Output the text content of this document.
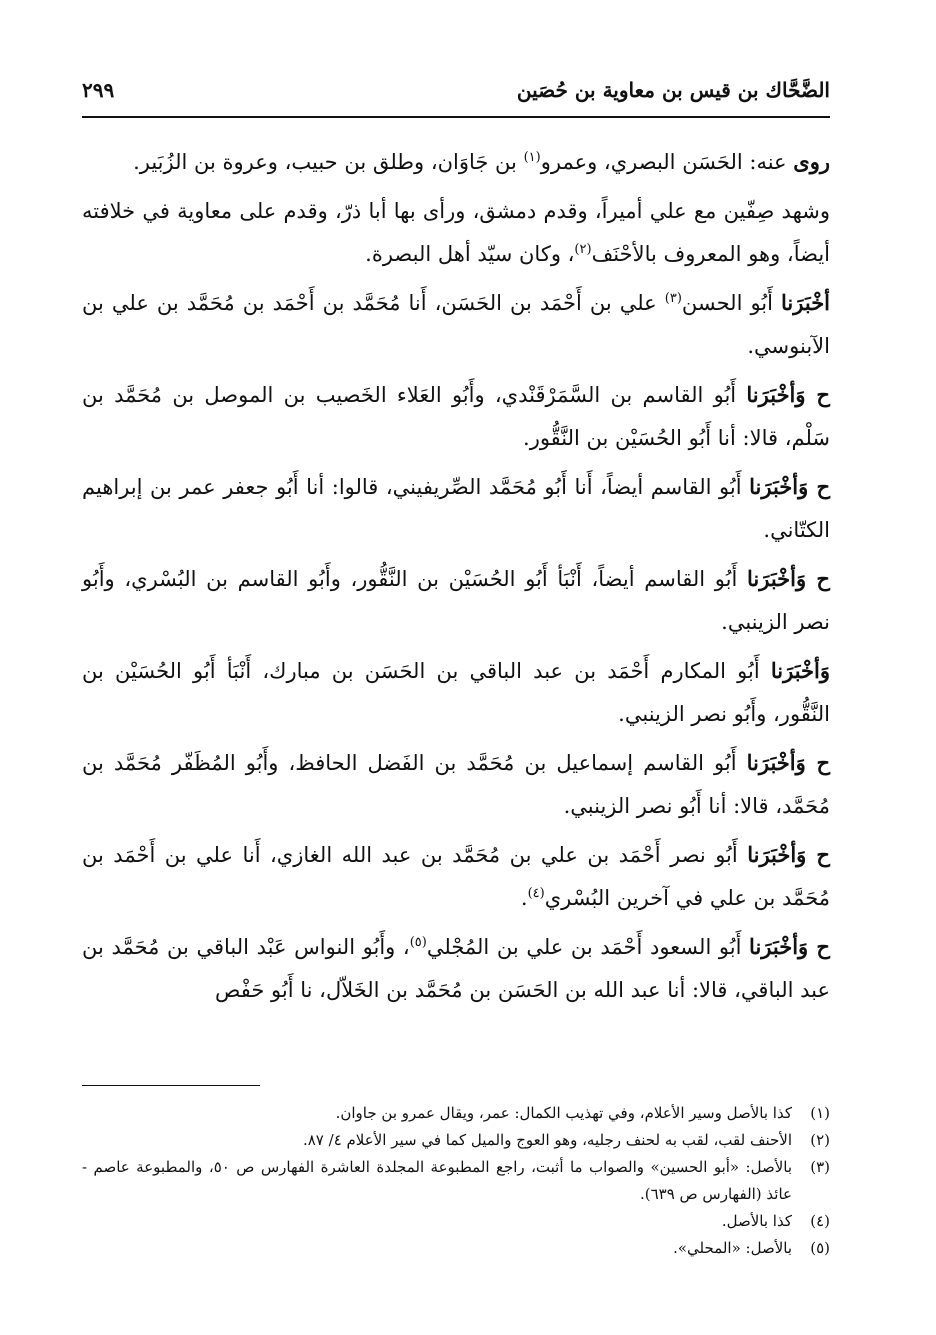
الضَّحَّاك بن قيس بن معاوية بن حُصَين
٢٩٩

روى عنه: الحَسَن البصري، وعمرو$^{(١)}$ بن جَاوَان، وطلق بن حبيب، وعروة بن الزُبَير.

وشهد صِفّين مع علي أميراً، وقدم دمشق، ورأى بها أبا ذرّ، وقدم على معاوية في خلافته أيضاً، وهو المعروف بالأحْنَف$^{(٢)}$، وكان سيّد أهل البصرة.

أخْبَرَنا أَبُو الحسن$^{(٣)}$ علي بن أَحْمَد بن الحَسَن، أَنا مُحَمَّد بن أَحْمَد بن مُحَمَّد بن علي بن الآبنوسي.

ح وَأخْبَرَنا أَبُو القاسم بن السَّمَرْقَنْدي، وأَبُو العَلاء الخَصيب بن الموصل بن مُحَمَّد بن سَلْم، قالا: أنا أَبُو الحُسَيْن بن النَّقُّور.

ح وَأخْبَرَنا أَبُو القاسم أيضاً، أَنا أَبُو مُحَمَّد الصِّريفيني، قالوا: أنا أَبُو جعفر عمر بن إبراهيم الكتّاني.

ح وَأخْبَرَنا أَبُو القاسم أيضاً، أَنْبَأ أَبُو الحُسَيْن بن النَّقُّور، وأَبُو القاسم بن البُسْري، وأَبُو نصر الزينبي.

وَأخْبَرَنا أَبُو المكارم أَحْمَد بن عبد الباقي بن الحَسَن بن مبارك، أَنْبَأ أَبُو الحُسَيْن بن النَّقُّور، وأَبُو نصر الزينبي.

ح وَأخْبَرَنا أَبُو القاسم إسماعيل بن مُحَمَّد بن الفَضل الحافظ، وأَبُو المُظَفّر مُحَمَّد بن مُحَمَّد، قالا: أنا أَبُو نصر الزينبي.

ح وَأخْبَرَنا أَبُو نصر أَحْمَد بن علي بن مُحَمَّد بن عبد الله الغازي، أَنا علي بن أَحْمَد بن مُحَمَّد بن علي في آخرين البُسْري$^{(٤)}$.

ح وَأخْبَرَنا أَبُو السعود أَحْمَد بن علي بن المُجْلي$^{(٥)}$، وأَبُو النواس عَبْد الباقي بن مُحَمَّد بن عبد الباقي، قالا: أنا عبد الله بن الحَسَن بن مُحَمَّد بن الخَلاّل، نا أَبُو حَفْص

(١)
كذا بالأصل وسير الأعلام، وفي تهذيب الكمال: عمر، ويقال عمرو بن جاوان.
(٢)
الأحنف لقب، لقب به لحنف رجليه، وهو العوج والميل كما في سير الأعلام ٤/ ٨٧.
(٣)
بالأصل: «أبو الحسين» والصواب ما أثبت، راجع المطبوعة المجلدة العاشرة الفهارس ص ٥٠، والمطبوعة عاصم - عائذ (الفهارس ص ٦٣٩).
(٤)
كذا بالأصل.
(٥)
بالأصل: «المحلي».
